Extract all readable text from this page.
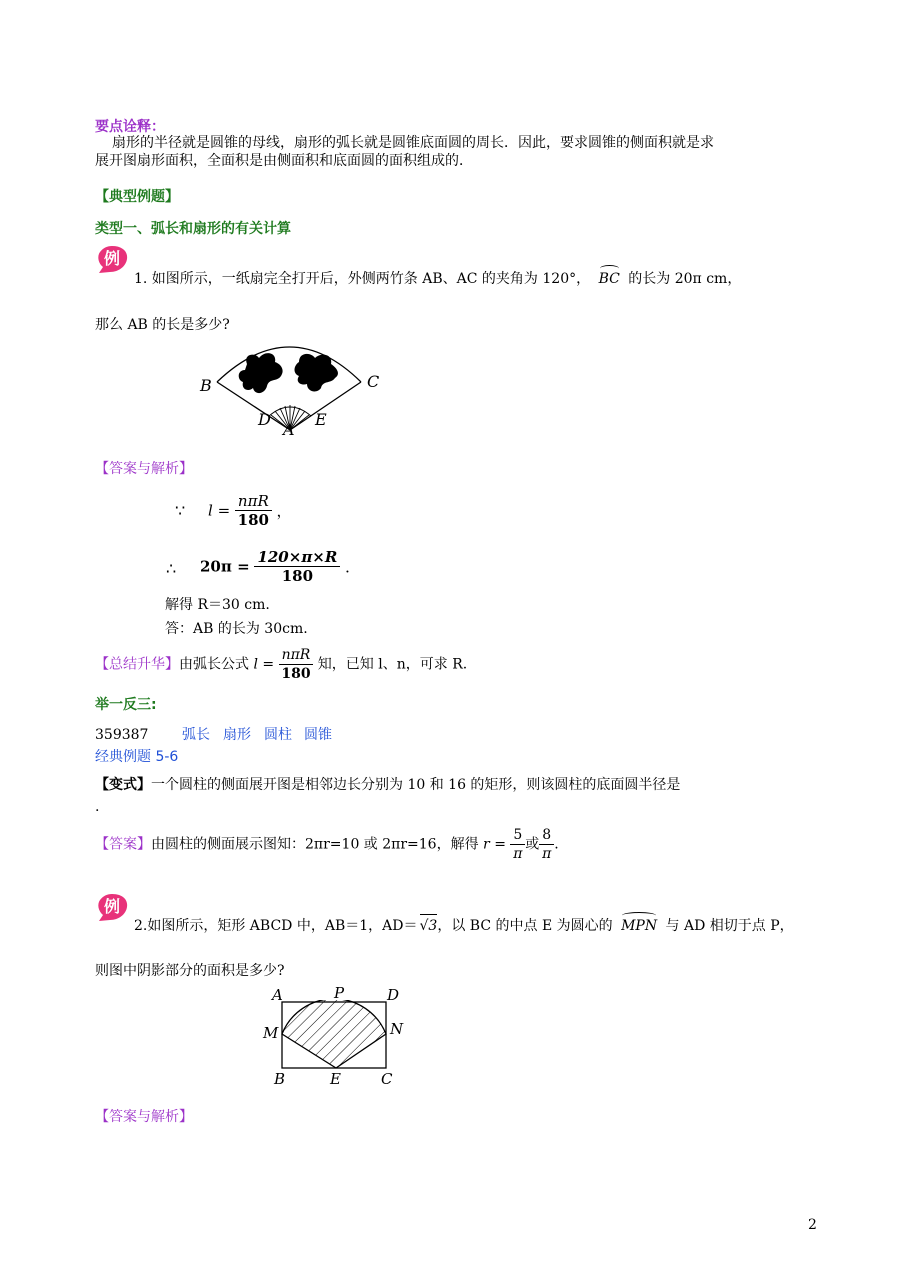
要点诠释：
扇形的半径就是圆锥的母线，扇形的弧长就是圆锥底面圆的周长．因此，要求圆锥的侧面积就是求
展开图扇形面积，全面积是由侧面积和底面圆的面积组成的．
【典型例题】
类型一、弧长和扇形的有关计算
例
1. 如图所示，一纸扇完全打开后，外侧两竹条 AB、AC 的夹角为 120°， BC 的长为 20π cm，
那么 AB 的长是多少?
B	C
D
A
E
【答案与解析】
∵ $l = \frac{\text{nπR}}{180}$ ，
∴ $20\pi = \frac{120\times\pi\times R}{180}$ ．
解得 R＝30 cm.
答：AB 的长为 30cm.
【总结升华】由弧长公式 $l = \frac{\text{nπR}}{180}$ 知，已知 l、n，可求 R.
举一反三:
359387 弧长 扇形 圆柱 圆锥
经典例题 5-6
【变式】一个圆柱的侧面展开图是相邻边长分别为 10 和 16 的矩形，则该圆柱的底面圆半径是
.
【答案】由圆柱的侧面展示图知：2πr=10 或 2πr=16，解得 $r = \frac{5}{\pi}$ 或 $\frac{8}{\pi}$ .
例
2.如图所示，矩形 ABCD 中，AB＝1，AD＝ √3，以 BC 的中点 E 为圆心的 MPN 与 AD 相切于点 P，
则图中阴影部分的面积是多少?
A	P	D
M	N
B	E	C
【答案与解析】
2
